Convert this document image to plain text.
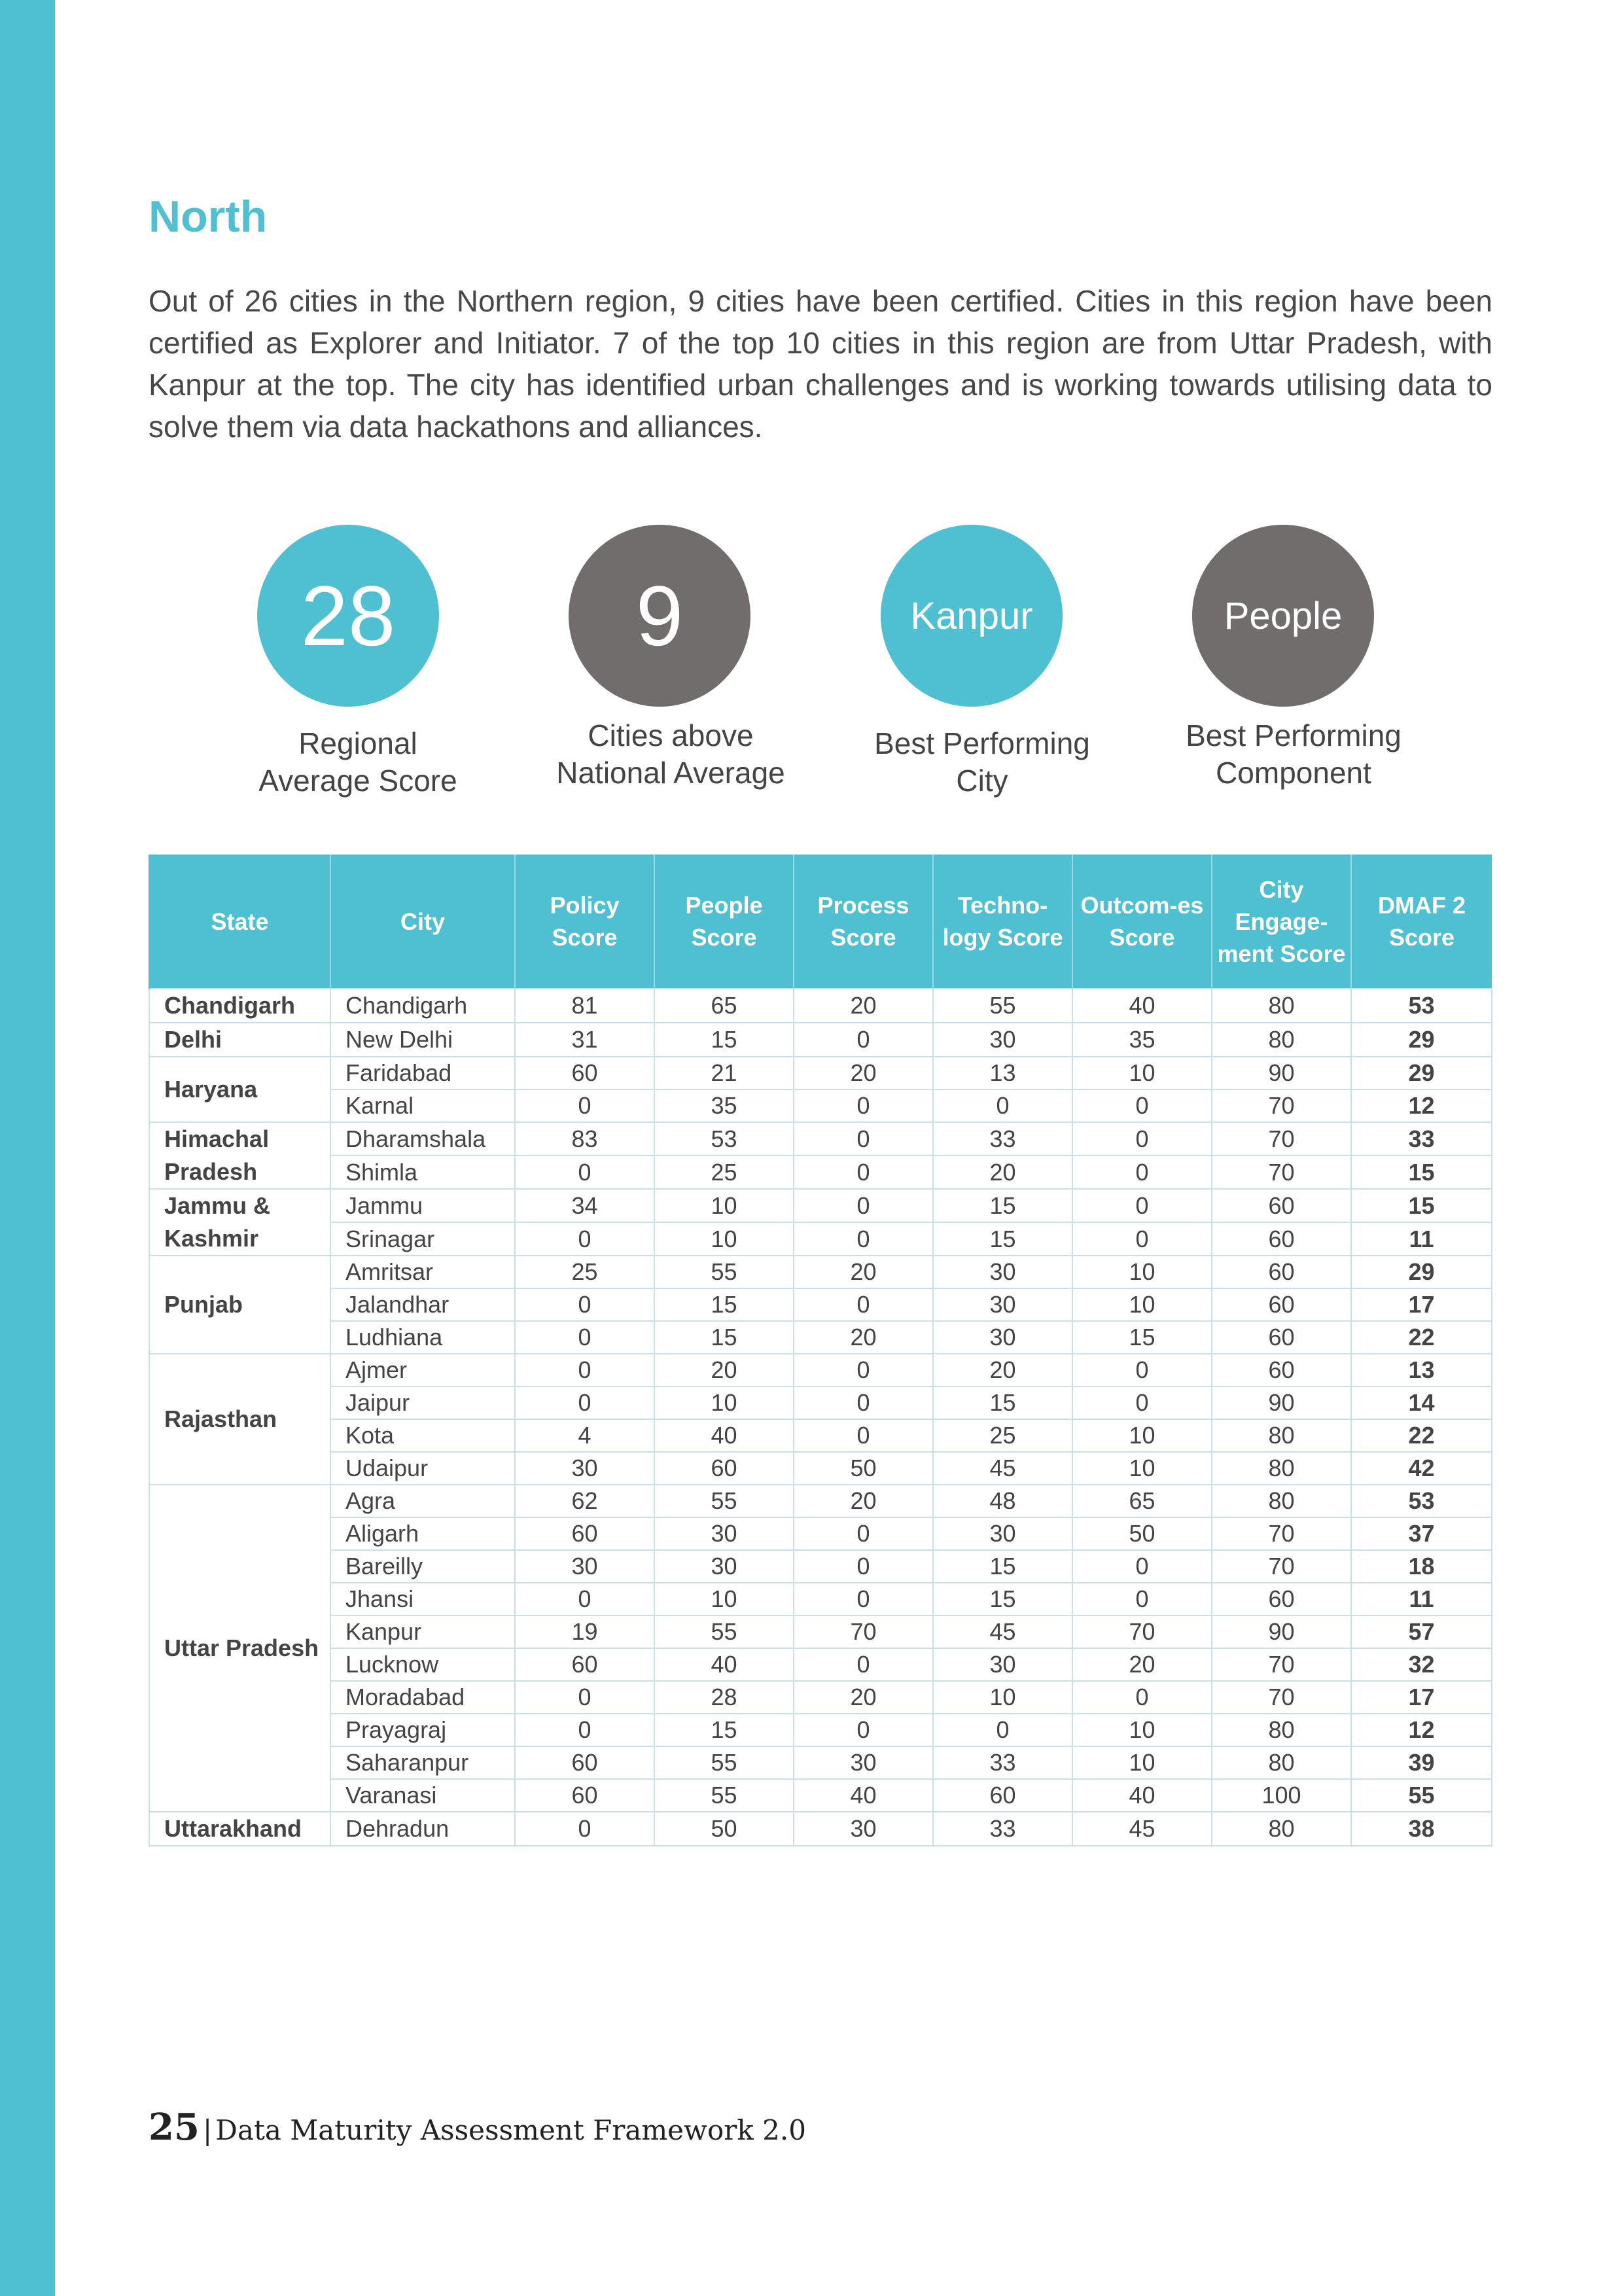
North

Out of 26 cities in the Northern region, 9 cities have been certified. Cities in this region have been certified as Explorer and Initiator. 7 of the top 10 cities in this region are from Uttar Pradesh, with Kanpur at the top. The city has identified urban challenges and is working towards utilising data to solve them via data hackathons and alliances.

28
Regional
Average Score
9
Cities above
National Average
Kanpur
Best Performing
City
People
Best Performing
Component
State	City	Policy Score	People Score	Process Score	Techno-logy Score	Outcom-es Score	City Engage-ment Score	DMAF 2 Score
Chandigarh	Chandigarh	81	65	20	55	40	80	53
Delhi	New Delhi	31	15	0	30	35	80	29
Haryana	Faridabad	60	21	20	13	10	90	29
	Karnal	0	35	0	0	0	70	12
Himachal Pradesh	Dharamshala	83	53	0	33	0	70	33
	Shimla	0	25	0	20	0	70	15
Jammu & Kashmir	Jammu	34	10	0	15	0	60	15
	Srinagar	0	10	0	15	0	60	11
Punjab	Amritsar	25	55	20	30	10	60	29
	Jalandhar	0	15	0	30	10	60	17
	Ludhiana	0	15	20	30	15	60	22
Rajasthan	Ajmer	0	20	0	20	0	60	13
	Jaipur	0	10	0	15	0	90	14
	Kota	4	40	0	25	10	80	22
	Udaipur	30	60	50	45	10	80	42
Uttar Pradesh	Agra	62	55	20	48	65	80	53
	Aligarh	60	30	0	30	50	70	37
	Bareilly	30	30	0	15	0	70	18
	Jhansi	0	10	0	15	0	60	11
	Kanpur	19	55	70	45	70	90	57
	Lucknow	60	40	0	30	20	70	32
	Moradabad	0	28	20	10	0	70	17
	Prayagraj	0	15	0	0	10	80	12
	Saharanpur	60	55	30	33	10	80	39
	Varanasi	60	55	40	60	40	100	55
Uttarakhand	Dehradun	0	50	30	33	45	80	38
25 | Data Maturity Assessment Framework 2.0
